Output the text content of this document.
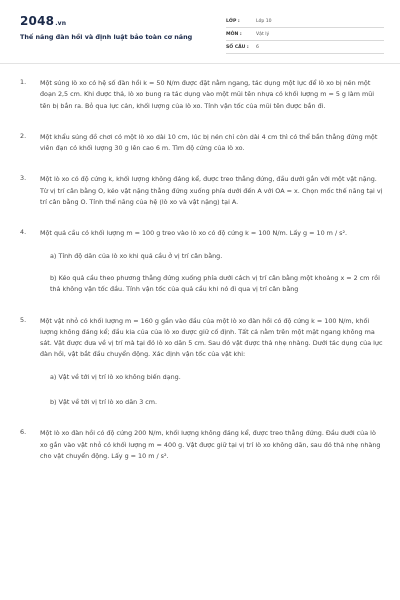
2048.vn
Thế năng đàn hồi và định luật bảo toàn cơ năng
LỚP :	Lớp 10
MÔN :	Vật lý
SỐ CÂU : 6
1. Một súng lò xo có hệ số đàn hồi k = 50 N/m được đặt nằm ngang, tác dụng một lực để lò xo bị nén một đoạn 2,5 cm. Khi được thả, lò xo bung ra tác dụng vào một mũi tên nhựa có khối lượng m = 5 g làm mũi tên bị bắn ra. Bỏ qua lực cản, khối lượng của lò xo. Tính vận tốc của mũi tên được bắn đi.
2. Một khẩu súng đồ chơi có một lò xo dài 10 cm, lúc bị nén chỉ còn dài 4 cm thì có thể bắn thẳng đứng một viên đạn có khối lượng 30 g lên cao 6 m. Tìm độ cứng của lò xo.
3. Một lò xo có độ cứng k, khối lượng không đáng kể, được treo thẳng đứng, đầu dưới gắn với một vật nặng. Từ vị trí cân bằng O, kéo vật nặng thẳng đứng xuống phía dưới đến A với OA = x. Chọn mốc thế năng tại vị trí cân bằng O. Tính thế năng của hệ (lò xo và vật nặng) tại A.
4. Một quả cầu có khối lượng m = 100 g treo vào lò xo có độ cứng k = 100 N/m. Lấy g = 10 m / s².
a) Tính độ dãn của lò xo khi quả cầu ở vị trí cân bằng.
b) Kéo quả cầu theo phương thẳng đứng xuống phía dưới cách vị trí cân bằng một khoảng x = 2 cm rồi thả không vận tốc đầu. Tính vận tốc của quả cầu khi nó đi qua vị trí cân bằng
5. Một vật nhỏ có khối lượng m = 160 g gắn vào đầu của một lò xo đàn hồi có độ cứng k = 100 N/m, khối lượng không đáng kể; đầu kia của của lò xo được giữ cố định. Tất cả nằm trên một mặt ngang không ma sát. Vật được đưa về vị trí mà tại đó lò xo dãn 5 cm. Sau đó vật được thả nhẹ nhàng. Dưới tác dụng của lực đàn hồi, vật bắt đầu chuyển động. Xác định vận tốc của vật khi:
a) Vật về tới vị trí lò xo không biến dạng.
b) Vật về tới vị trí lò xo dãn 3 cm.
6. Một lò xo đàn hồi có độ cứng 200 N/m, khối lượng không đáng kể, được treo thẳng đứng. Đầu dưới của lò xo gắn vào vật nhỏ có khối lượng m = 400 g. Vật được giữ tại vị trí lò xo không dãn, sau đó thả nhẹ nhàng cho vật chuyển động. Lấy g = 10 m / s².
